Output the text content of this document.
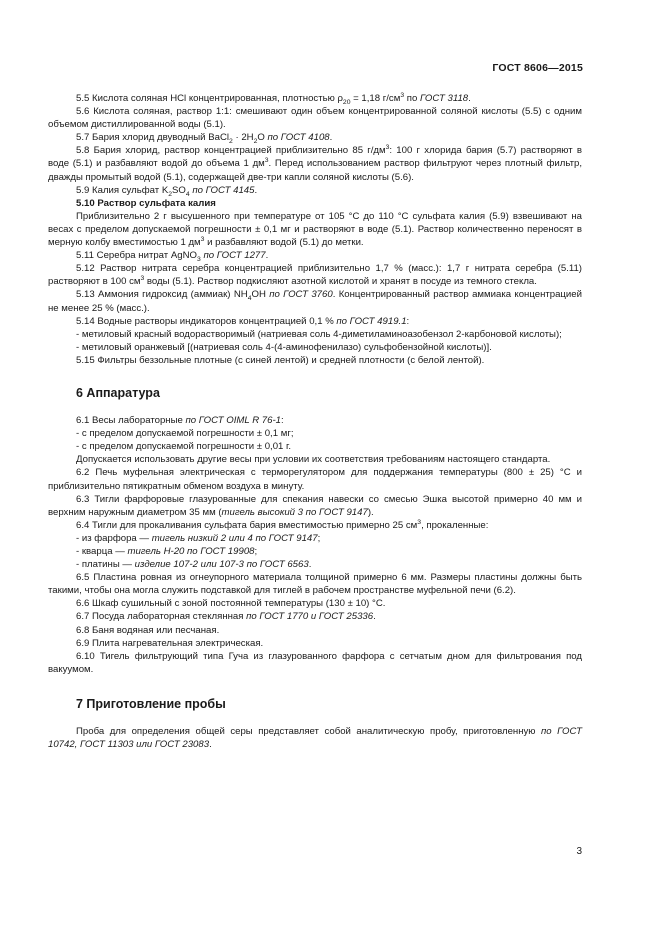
ГОСТ 8606—2015

5.5 Кислота соляная HCl концентрированная, плотностью $\rho_{20} = 1,18$ $г/см^3$ по ГОСТ 3118.

5.6 Кислота соляная, раствор 1:1: смешивают один объем концентрированной соляной кислоты (5.5) с одним объемом дистиллированной воды (5.1).

5.7 Бария хлорид двуводный BaCl$_2$ · $2H_2O$ по ГОСТ 4108.

5.8 Бария хлорид, раствор концентрацией приблизительно 85 $г/дм^3$: 100 г хлорида бария (5.7) растворяют в воде (5.1) и разбавляют водой до объема 1 $дм^3$. Перед использованием раствор фильтруют через плотный фильтр, дважды промытый водой (5.1), содержащей две-три капли соляной кислоты (5.6).

5.9 Калия сульфат $K_2SO_4$ по ГОСТ 4145.

5.10 Раствор сульфата калия

Приблизительно 2 г высушенного при температуре от 105 °С до 110 °С сульфата калия (5.9) взвешивают на весах с пределом допускаемой погрешности ± 0,1 мг и растворяют в воде (5.1). Раствор количественно переносят в мерную колбу вместимостью 1 $дм^3$ и разбавляют водой (5.1) до метки.

5.11 Серебра нитрат AgNO$_3$ по ГОСТ 1277.

5.12 Раствор нитрата серебра концентрацией приблизительно 1,7 % (масс.): 1,7 г нитрата серебра (5.11) растворяют в 100 $см^3$ воды (5.1). Раствор подкисляют азотной кислотой и хранят в посуде из темного стекла.

5.13 Аммония гидроксид (аммиак) $NH_4OH$ по ГОСТ 3760. Концентрированный раствор аммиака концентрацией не менее 25 % (масс.).

5.14 Водные растворы индикаторов концентрацией 0,1 % по ГОСТ 4919.1:

- метиловый красный водорастворимый (натриевая соль 4-диметиламиноазобензол 2-карбоновой кислоты);

- метиловый оранжевый [(натриевая соль 4-(4-аминофенилазо) сульфобензойной кислоты)].

5.15 Фильтры беззольные плотные (с синей лентой) и средней плотности (с белой лентой).

6 Аппаратура

6.1 Весы лабораторные по ГОСТ OIML R 76-1:

- с пределом допускаемой погрешности ± 0,1 мг;

- с пределом допускаемой погрешности ± 0,01 г.

Допускается использовать другие весы при условии их соответствия требованиям настоящего стандарта.

6.2 Печь муфельная электрическая с терморегулятором для поддержания температуры (800 ± 25) °С и приблизительно пятикратным обменом воздуха в минуту.

6.3 Тигли фарфоровые глазурованные для спекания навески со смесью Эшка высотой примерно 40 мм и верхним наружным диаметром 35 мм (тигель высокий 3 по ГОСТ 9147).

6.4 Тигли для прокаливания сульфата бария вместимостью примерно 25 $см^3$, прокаленные:

- из фарфора — тигель низкий 2 или 4 по ГОСТ 9147;

- кварца — тигель Н-20 по ГОСТ 19908;

- платины — изделие 107-2 или 107-3 по ГОСТ 6563.

6.5 Пластина ровная из огнеупорного материала толщиной примерно 6 мм. Размеры пластины должны быть такими, чтобы она могла служить подставкой для тиглей в рабочем пространстве муфельной печи (6.2).

6.6 Шкаф сушильный с зоной постоянной температуры (130 ± 10) °С.

6.7 Посуда лабораторная стеклянная по ГОСТ 1770 и ГОСТ 25336.

6.8 Баня водяная или песчаная.

6.9 Плита нагревательная электрическая.

6.10 Тигель фильтрующий типа Гуча из глазурованного фарфора с сетчатым дном для фильтрования под вакуумом.

7 Приготовление пробы

Проба для определения общей серы представляет собой аналитическую пробу, приготовленную по ГОСТ 10742, ГОСТ 11303 или ГОСТ 23083.

3
